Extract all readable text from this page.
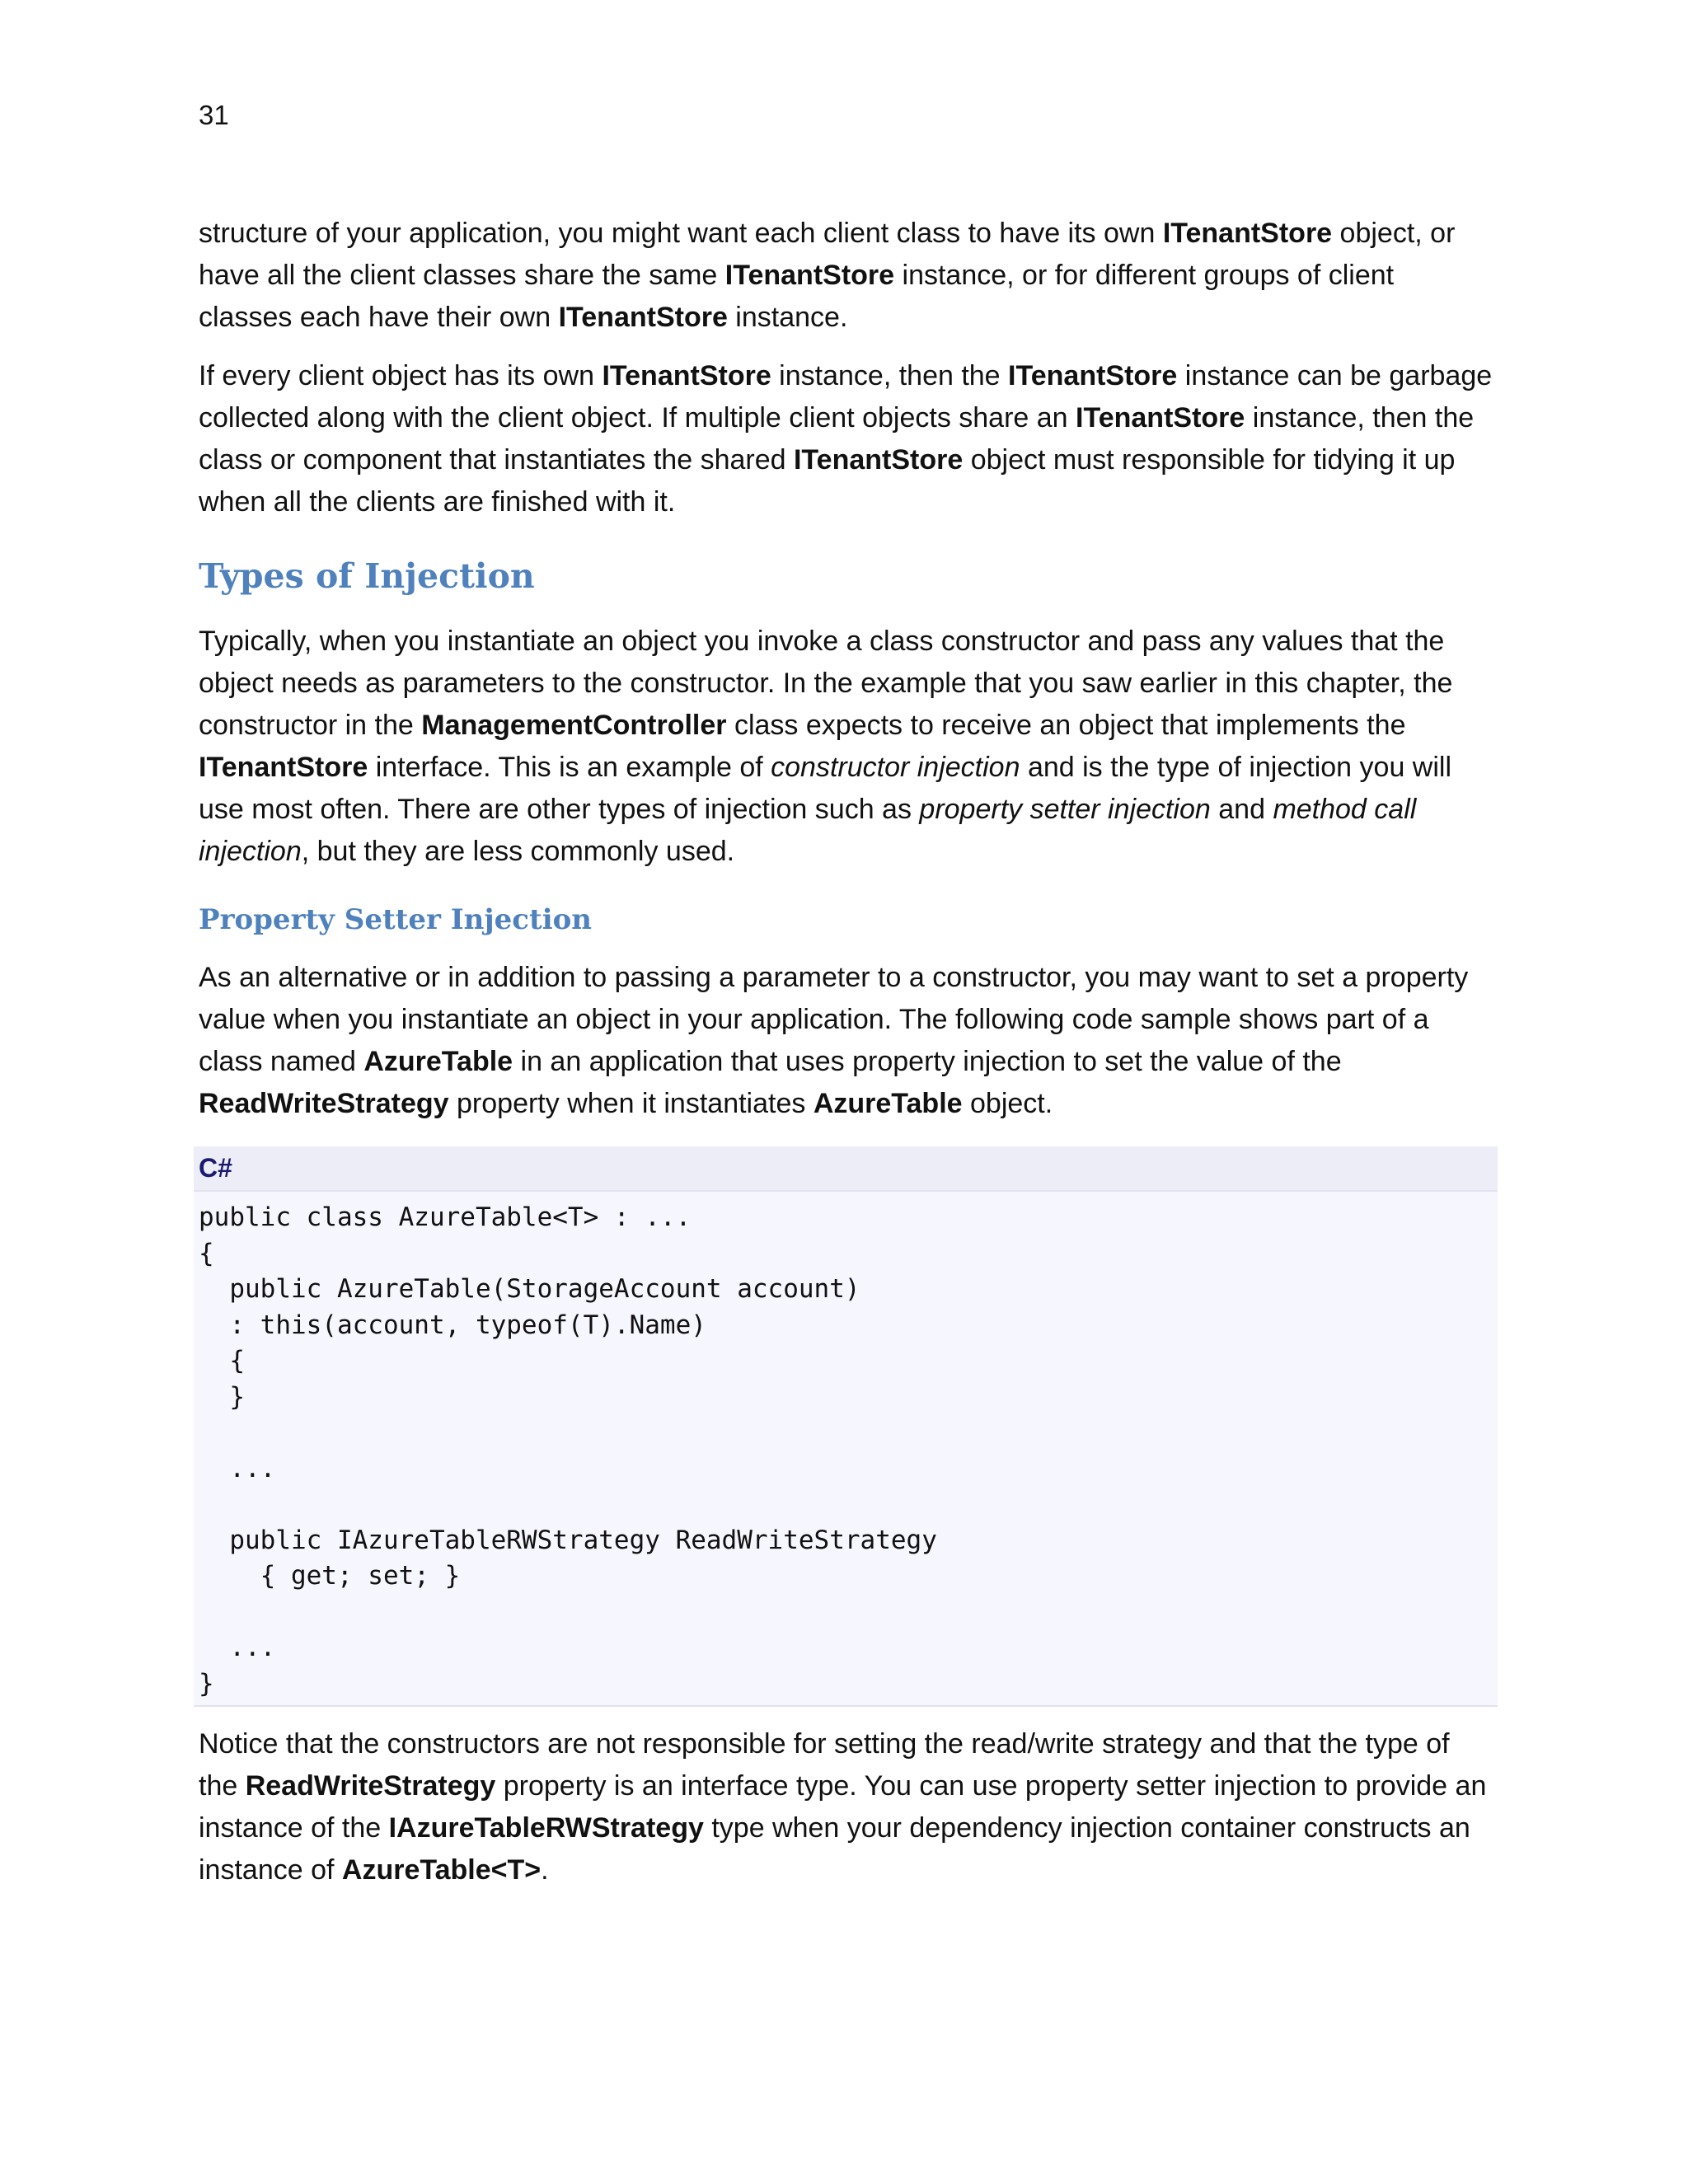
31

structure of your application, you might want each client class to have its own ITenantStore object, or have all the client classes share the same ITenantStore instance, or for different groups of client classes each have their own ITenantStore instance.

If every client object has its own ITenantStore instance, then the ITenantStore instance can be garbage collected along with the client object. If multiple client objects share an ITenantStore instance, then the class or component that instantiates the shared ITenantStore object must responsible for tidying it up when all the clients are finished with it.

Types of Injection

Typically, when you instantiate an object you invoke a class constructor and pass any values that the object needs as parameters to the constructor. In the example that you saw earlier in this chapter, the constructor in the ManagementController class expects to receive an object that implements the ITenantStore interface. This is an example of constructor injection and is the type of injection you will use most often. There are other types of injection such as property setter injection and method call injection, but they are less commonly used.

Property Setter Injection

As an alternative or in addition to passing a parameter to a constructor, you may want to set a property value when you instantiate an object in your application. The following code sample shows part of a class named AzureTable in an application that uses property injection to set the value of the ReadWriteStrategy property when it instantiates AzureTable object.

C#
public class AzureTable<T> : ...
{
public AzureTable(StorageAccount account)
: this(account, typeof(T).Name)
{
}
...
public IAzureTableRWStrategy ReadWriteStrategy
{ get; set; }
...
}

Notice that the constructors are not responsible for setting the read/write strategy and that the type of the ReadWriteStrategy property is an interface type. You can use property setter injection to provide an instance of the IAzureTableRWStrategy type when your dependency injection container constructs an instance of AzureTable<T>.
